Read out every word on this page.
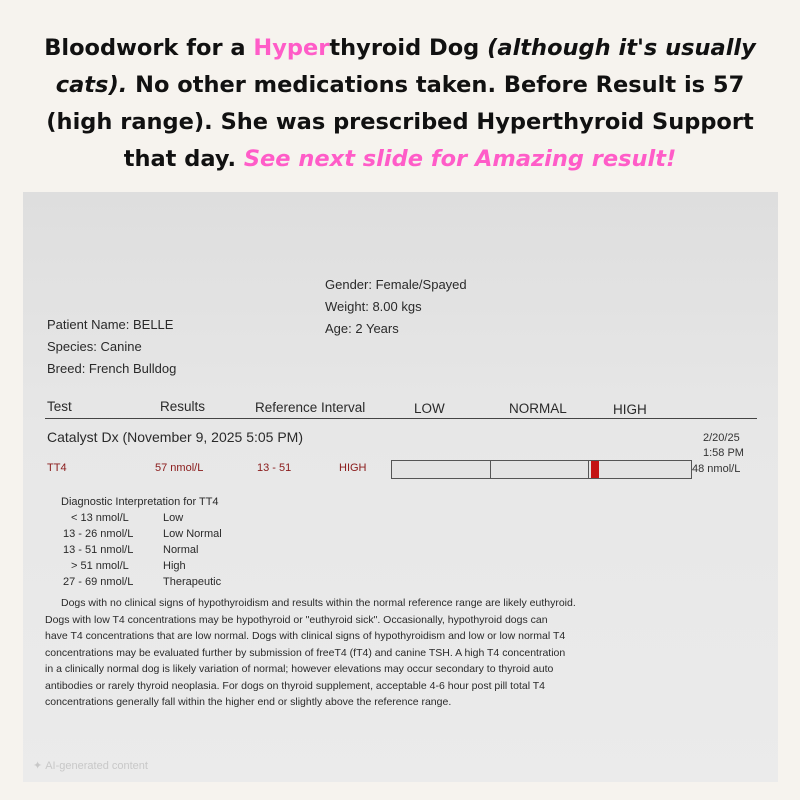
Bloodwork for a Hyperthyroid Dog (although it's usually cats). No other medications taken. Before Result is 57 (high range). She was prescribed Hyperthyroid Support that day. See next slide for Amazing result!
Gender: Female/Spayed
Weight: 8.00 kgs
Age: 2 Years
Patient Name: BELLE
Species: Canine
Breed: French Bulldog
Test	Results	Reference Interval	LOW	NORMAL	HIGH
Catalyst Dx (November 9, 2025 5:05 PM)	2/20/25
1:58 PM
TT4	57 nmol/L	13 - 51	HIGH	48 nmol/L
Diagnostic Interpretation for TT4
< 13 nmol/L	Low
13 - 26 nmol/L	Low Normal
13 - 51 nmol/L	Normal
> 51 nmol/L	High
27 - 69 nmol/L	Therapeutic
Dogs with no clinical signs of hypothyroidism and results within the normal reference range are likely euthyroid.
Dogs with low T4 concentrations may be hypothyroid or "euthyroid sick". Occasionally, hypothyroid dogs can
have T4 concentrations that are low normal. Dogs with clinical signs of hypothyroidism and low or low normal T4
concentrations may be evaluated further by submission of freeT4 (fT4) and canine TSH. A high T4 concentration
in a clinically normal dog is likely variation of normal; however elevations may occur secondary to thyroid auto
antibodies or rarely thyroid neoplasia. For dogs on thyroid supplement, acceptable 4-6 hour post pill total T4
concentrations generally fall within the higher end or slightly above the reference range.
✦ AI-generated content
